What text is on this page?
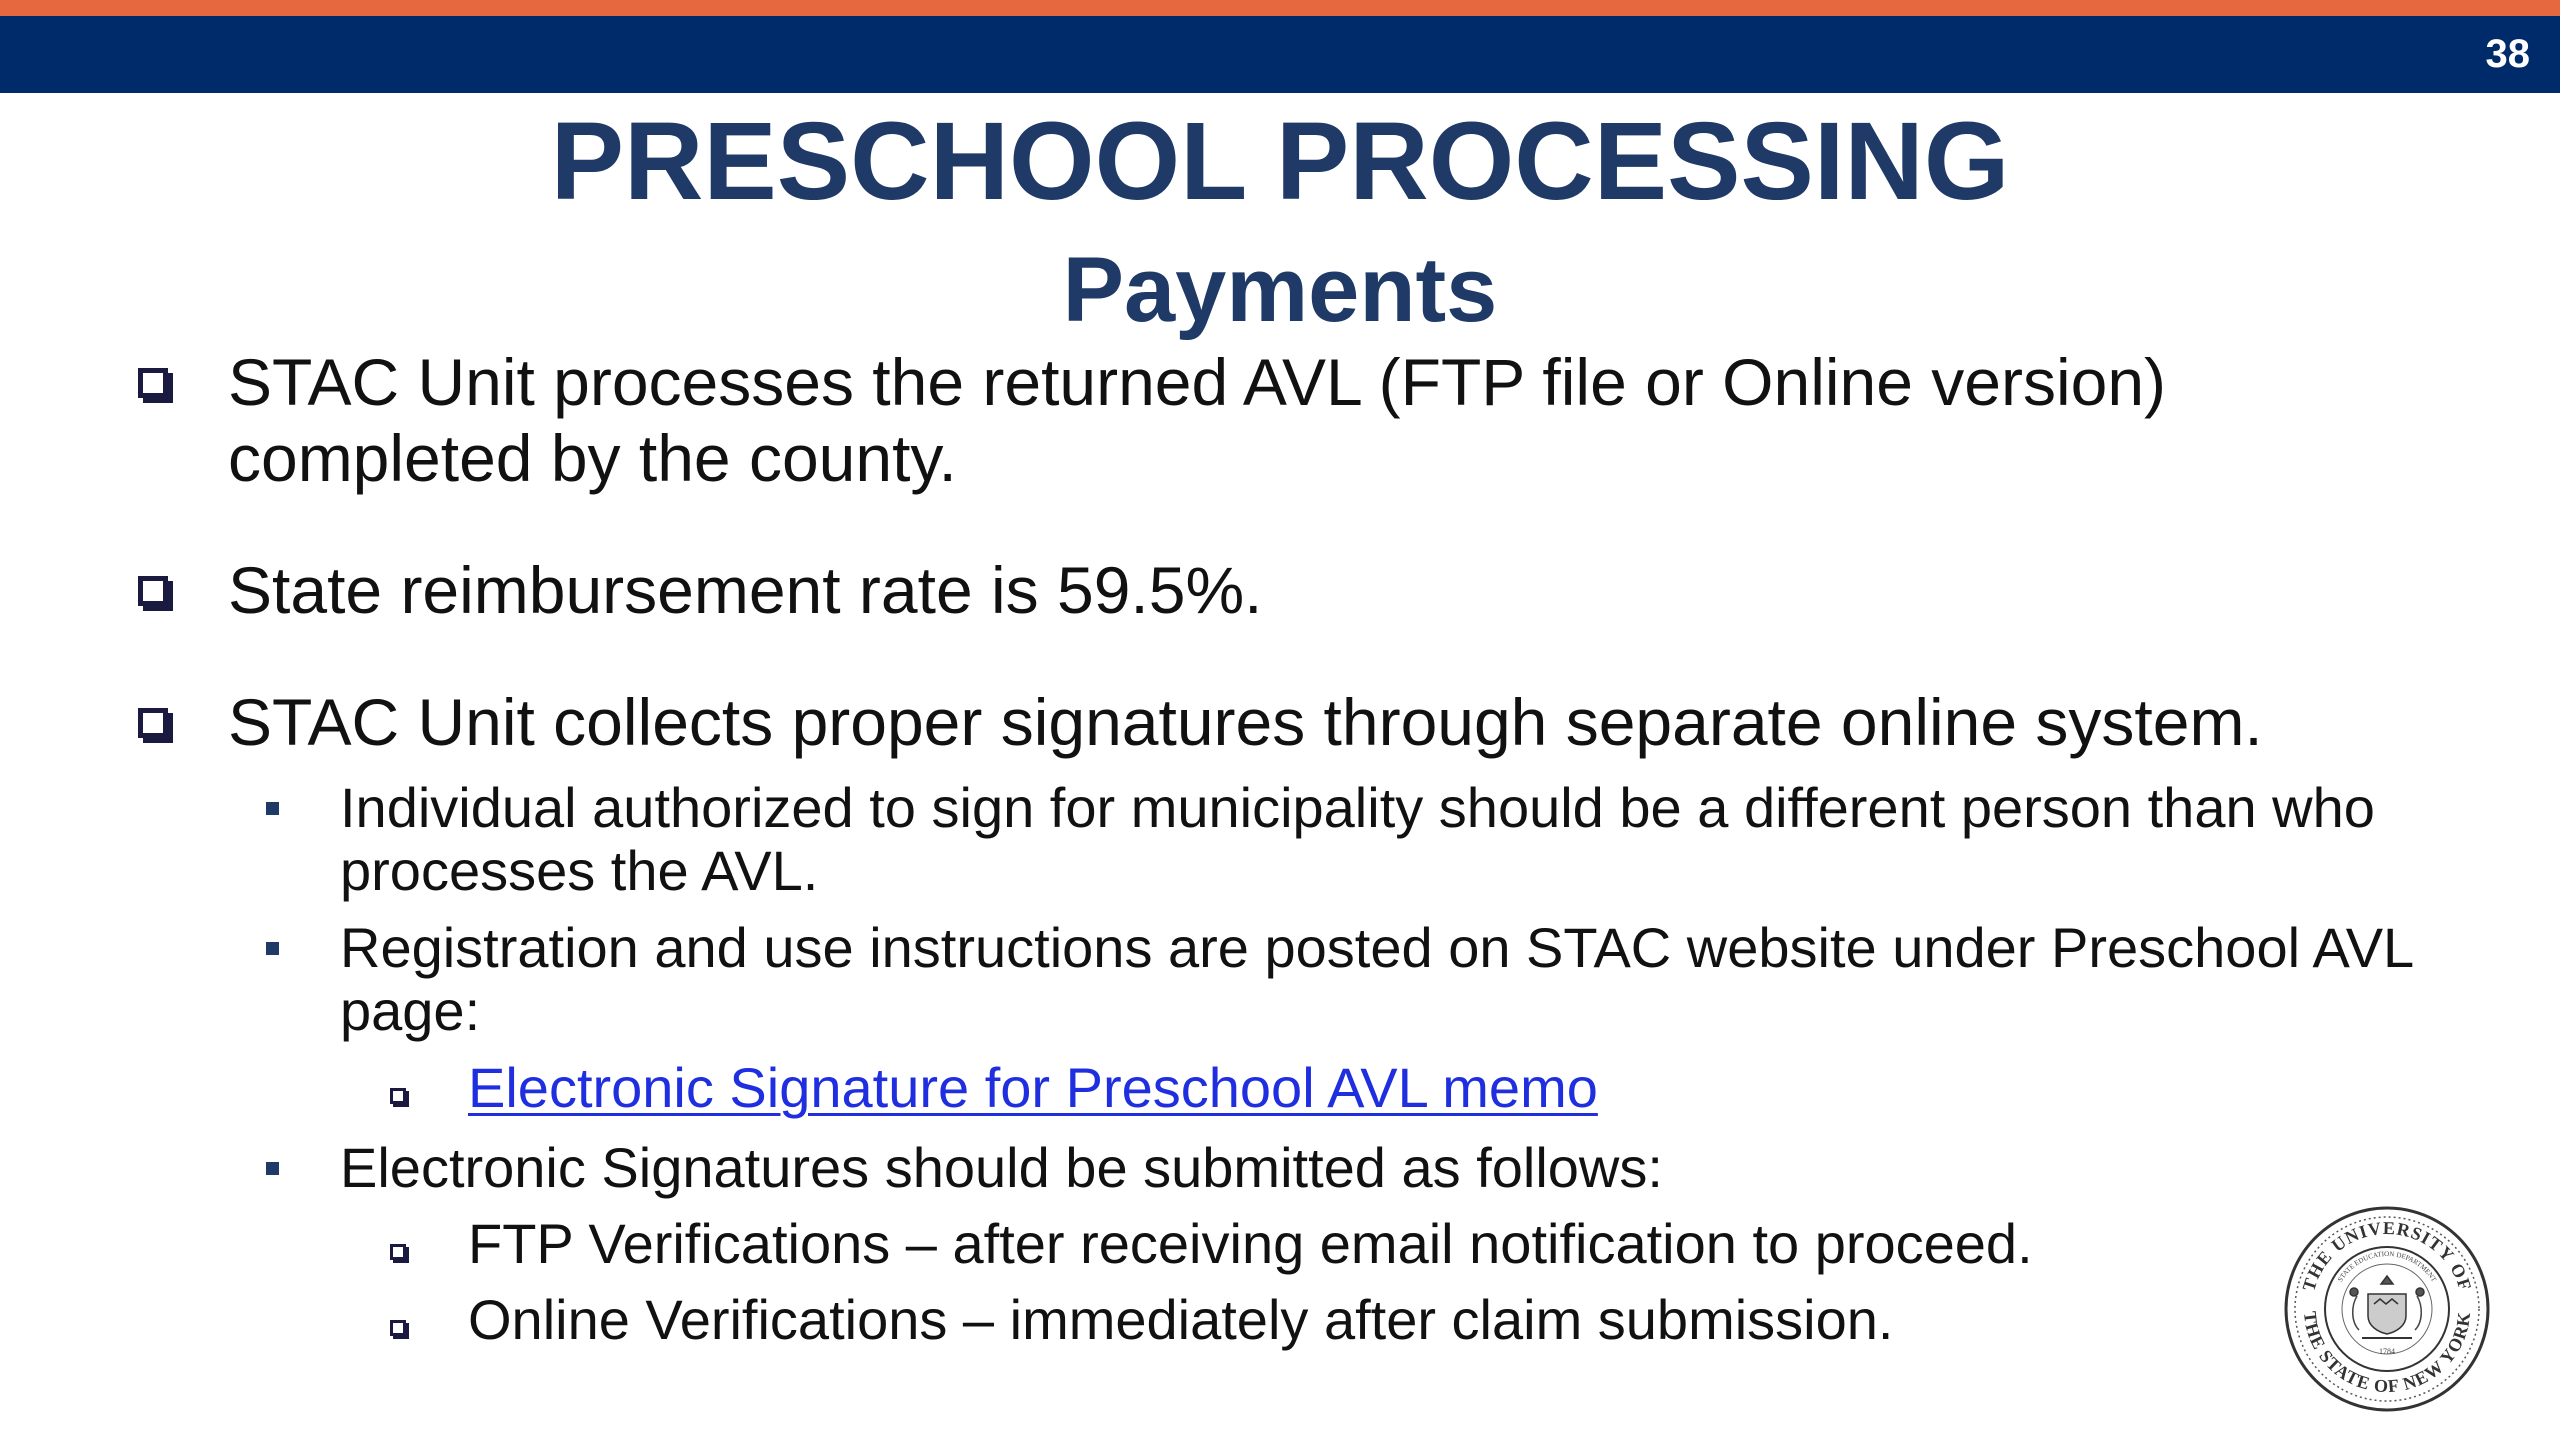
38
PRESCHOOL PROCESSING
Payments
STAC Unit processes the returned AVL (FTP file or Online version) completed by the county.
State reimbursement rate is 59.5%.
STAC Unit collects proper signatures through separate online system.
Individual authorized to sign for municipality should be a different person than who processes the AVL.
Registration and use instructions are posted on STAC website under Preschool AVL page:
Electronic Signature for Preschool AVL memo
Electronic Signatures should be submitted as follows:
FTP Verifications – after receiving email notification to proceed.
Online Verifications – immediately after claim submission.
THE UNIVERSITY OF
THE STATE OF NEW YORK
STATE EDUCATION DEPARTMENT
1784
